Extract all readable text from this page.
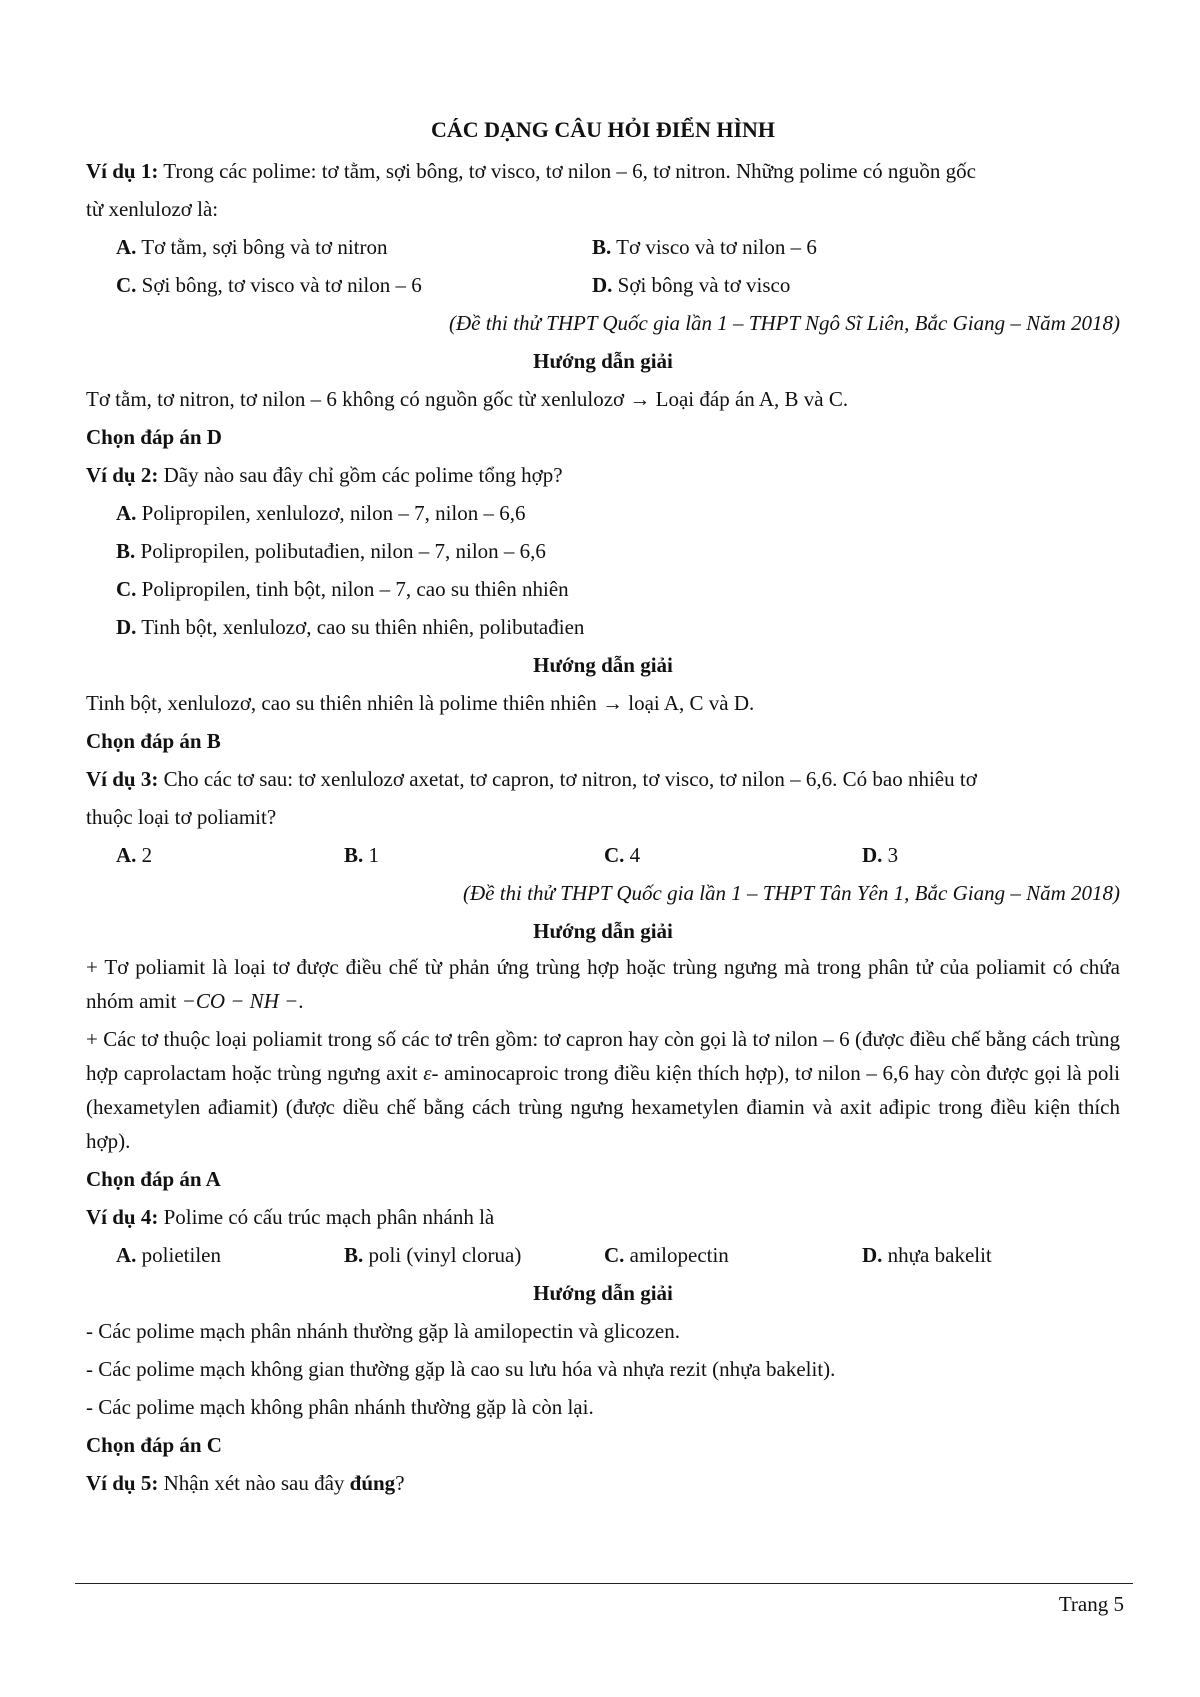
CÁC DẠNG CÂU HỎI ĐIỂN HÌNH
Ví dụ 1: Trong các polime: tơ tằm, sợi bông, tơ visco, tơ nilon – 6, tơ nitron. Những polime có nguồn gốc
từ xenlulozơ là:
A. Tơ tằm, sợi bông và tơ nitron	B. Tơ visco và tơ nilon – 6
C. Sợi bông, tơ visco và tơ nilon – 6	D. Sợi bông và tơ visco
(Đề thi thử THPT Quốc gia lần 1 – THPT Ngô Sĩ Liên, Bắc Giang – Năm 2018)
Hướng dẫn giải
Tơ tằm, tơ nitron, tơ nilon – 6 không có nguồn gốc từ xenlulozơ → Loại đáp án A, B và C.
Chọn đáp án D
Ví dụ 2: Dãy nào sau đây chỉ gồm các polime tổng hợp?
A. Polipropilen, xenlulozơ, nilon – 7, nilon – 6,6
B. Polipropilen, polibutađien, nilon – 7, nilon – 6,6
C. Polipropilen, tinh bột, nilon – 7, cao su thiên nhiên
D. Tinh bột, xenlulozơ, cao su thiên nhiên, polibutađien
Hướng dẫn giải
Tinh bột, xenlulozơ, cao su thiên nhiên là polime thiên nhiên → loại A, C và D.
Chọn đáp án B
Ví dụ 3: Cho các tơ sau: tơ xenlulozơ axetat, tơ capron, tơ nitron, tơ visco, tơ nilon – 6,6. Có bao nhiêu tơ
thuộc loại tơ poliamit?
A. 2	B. 1	C. 4	D. 3
(Đề thi thử THPT Quốc gia lần 1 – THPT Tân Yên 1, Bắc Giang – Năm 2018)
Hướng dẫn giải
+ Tơ poliamit là loại tơ được điều chế từ phản ứng trùng hợp hoặc trùng ngưng mà trong phân tử của poliamit có chứa nhóm amit −CO − NH −.
+ Các tơ thuộc loại poliamit trong số các tơ trên gồm: tơ capron hay còn gọi là tơ nilon – 6 (được điều chế bằng cách trùng hợp caprolactam hoặc trùng ngưng axit ε- aminocaproic trong điều kiện thích hợp), tơ nilon – 6,6 hay còn được gọi là poli (hexametylen ađiamit) (được diều chế bằng cách trùng ngưng hexametylen điamin và axit ađipic trong điều kiện thích hợp).
Chọn đáp án A
Ví dụ 4: Polime có cấu trúc mạch phân nhánh là
A. polietilen	B. poli (vinyl clorua)	C. amilopectin	D. nhựa bakelit
Hướng dẫn giải
- Các polime mạch phân nhánh thường gặp là amilopectin và glicozen.
- Các polime mạch không gian thường gặp là cao su lưu hóa và nhựa rezit (nhựa bakelit).
- Các polime mạch không phân nhánh thường gặp là còn lại.
Chọn đáp án C
Ví dụ 5: Nhận xét nào sau đây đúng?
Trang 5
